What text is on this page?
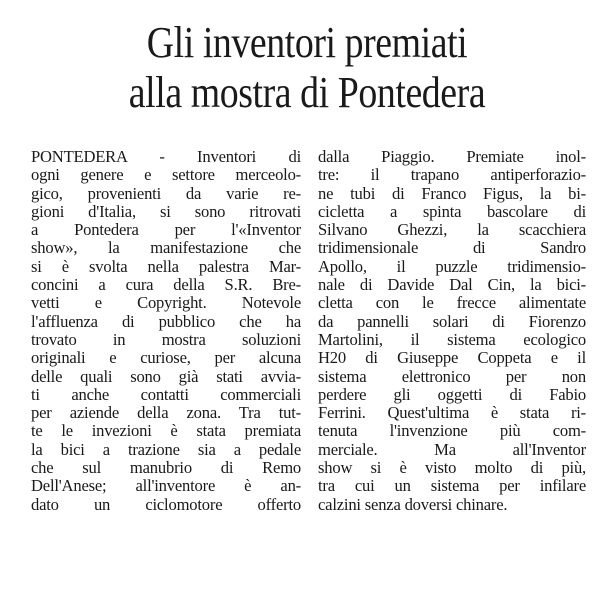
Gli inventori premiati
alla mostra di Pontedera
PONTEDERA - Inventori di
ogni genere e settore merceolo-
gico, provenienti da varie re-
gioni d'Italia, si sono ritrovati
a Pontedera per l'«Inventor
show», la manifestazione che
si è svolta nella palestra Mar-
concini a cura della S.R. Bre-
vetti e Copyright. Notevole
l'affluenza di pubblico che ha
trovato in mostra soluzioni
originali e curiose, per alcuna
delle quali sono già stati avvia-
ti anche contatti commerciali
per aziende della zona. Tra tut-
te le invezioni è stata premiata
la bici a trazione sia a pedale
che sul manubrio di Remo
Dell'Anese; all'inventore è an-
dato un ciclomotore offerto
dalla Piaggio. Premiate inol-
tre: il trapano antiperforazio-
ne tubi di Franco Figus, la bi-
cicletta a spinta bascolare di
Silvano Ghezzi, la scacchiera
tridimensionale di Sandro
Apollo, il puzzle tridimensio-
nale di Davide Dal Cin, la bici-
cletta con le frecce alimentate
da pannelli solari di Fiorenzo
Martolini, il sistema ecologico
H20 di Giuseppe Coppeta e il
sistema elettronico per non
perdere gli oggetti di Fabio
Ferrini. Quest'ultima è stata ri-
tenuta l'invenzione più com-
merciale. Ma all'Inventor
show si è visto molto di più,
tra cui un sistema per infilare
calzini senza doversi chinare.
